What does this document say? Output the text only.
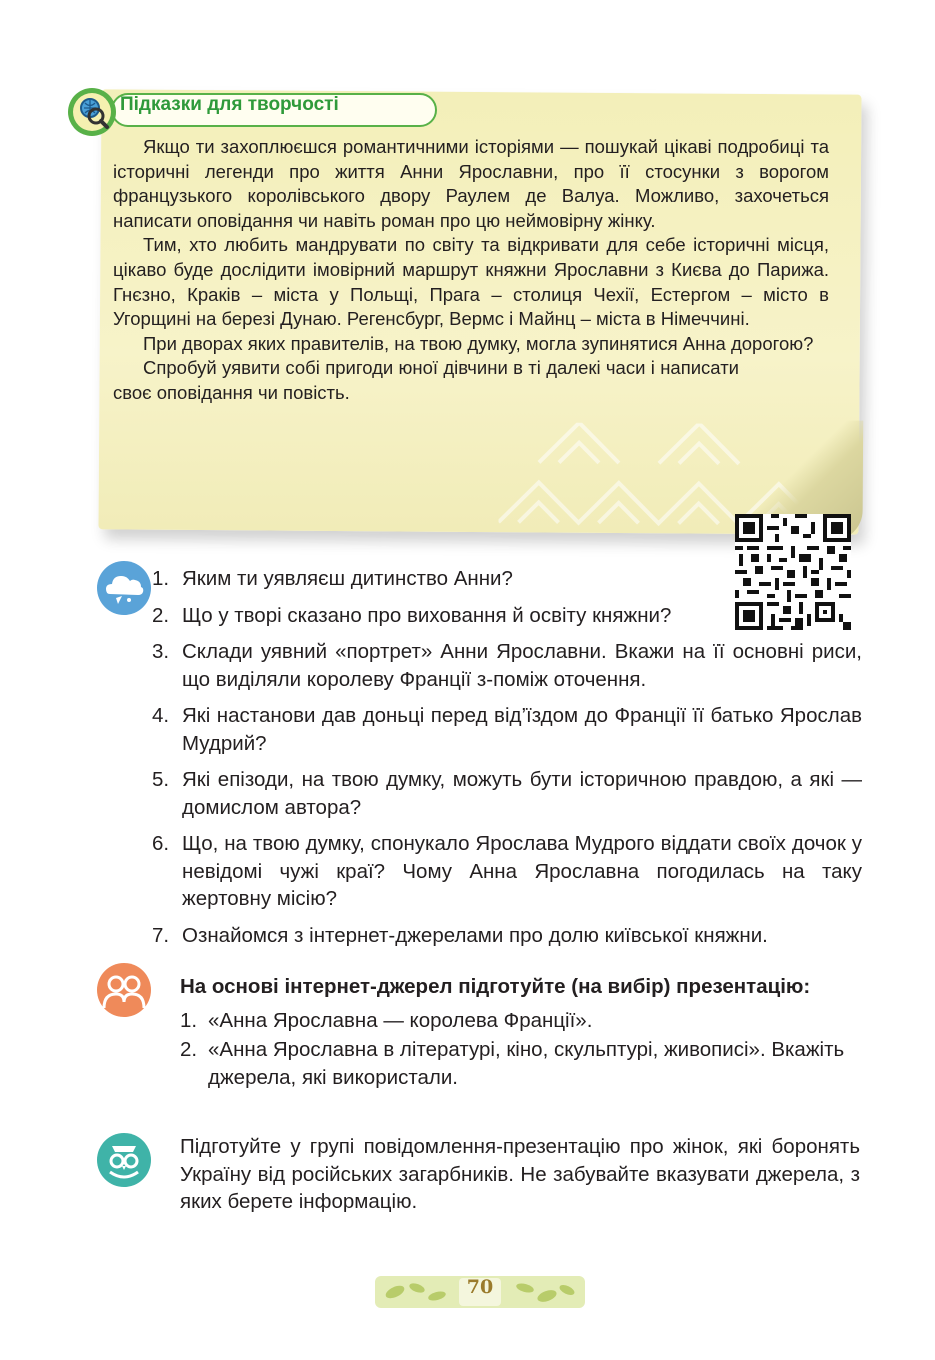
Підказки для творчості

Якщо ти захоплюєшся романтичними історіями — пошукай цікаві подробиці та історичні легенди про життя Анни Ярославни, про її стосунки з ворогом французького королівського двору Раулем де Валуа. Можливо, захочеться написати оповідання чи навіть роман про цю неймовірну жінку.

Тим, хто любить мандрувати по світу та відкривати для себе історичні місця, цікаво буде дослідити імовірний маршрут княжни Ярославни з Києва до Парижа. Гнєзно, Краків – міста у Польщі, Прага – столиця Чехії, Естергом – місто в Угорщині на березі Дунаю. Регенсбург, Вермс і Майнц – міста в Німеччині.

При дворах яких правителів, на твою думку, могла зупинятися Анна дорогою?

Спробуй уявити собі пригоди юної дівчини в ті далекі часи і написати своє оповідання чи повість.

1. Яким ти уявляєш дитинство Анни?
2. Що у творі сказано про виховання й освіту княжни?
3. Склади уявний «портрет» Анни Ярославни. Вкажи на її основні риси, що виділяли королеву Франції з-поміж оточення.
4. Які настанови дав доньці перед від’їздом до Франції її батько Ярослав Мудрий?
5. Які епізоди, на твою думку, можуть бути історичною правдою, а які — домислом автора?
6. Що, на твою думку, спонукало Ярослава Мудрого віддати своїх дочок у невідомі чужі краї? Чому Анна Ярославна погодилась на таку жертовну місію?
7. Ознайомся з інтернет-джерелами про долю київської княжни.

На основі інтернет-джерел підготуйте (на вибір) презентацію:

1. «Анна Ярославна — королева Франції».
2. «Анна Ярославна в літературі, кіно, скульптурі, живописі». Вкажіть джерела, які використали.

Підготуйте у групі повідомлення-презентацію про жінок, які боронять Україну від російських загарбників. Не забувайте вказувати джерела, з яких берете інформацію.

70
